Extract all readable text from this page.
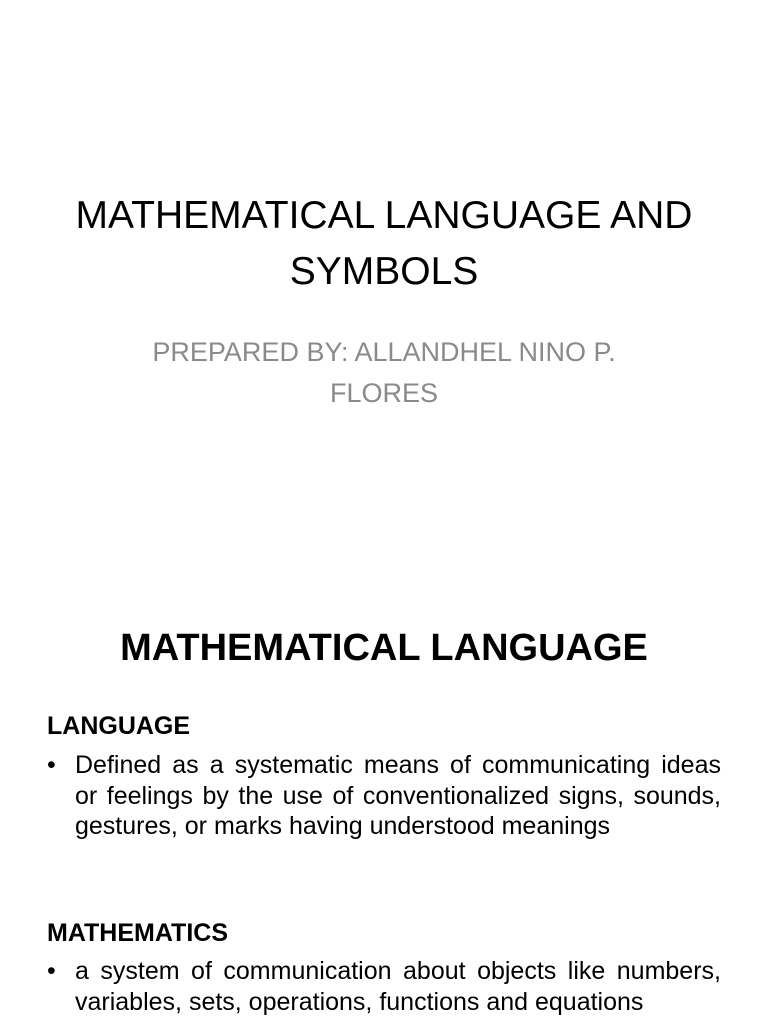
MATHEMATICAL LANGUAGE AND SYMBOLS

PREPARED BY: ALLANDHEL NINO P. FLORES

MATHEMATICAL LANGUAGE
LANGUAGE
• Defined as a systematic means of communicating ideas or feelings by the use of conventionalized signs, sounds, gestures, or marks having understood meanings
MATHEMATICS
• a system of communication about objects like numbers, variables, sets, operations, functions and equations
